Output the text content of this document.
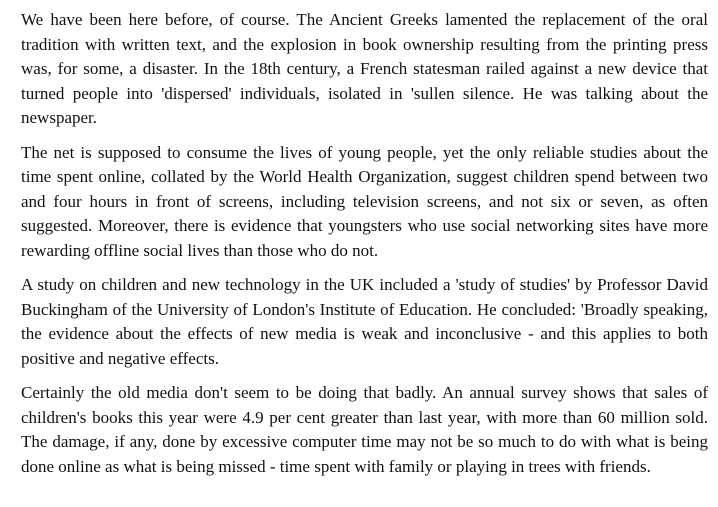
We have been here before, of course. The Ancient Greeks lamented the replacement of the oral tradition with written text, and the explosion in book ownership resulting from the printing press was, for some, a disaster. In the 18th century, a French statesman railed against a new device that turned people into 'dispersed' individuals, isolated in 'sullen silence. He was talking about the newspaper.

The net is supposed to consume the lives of young people, yet the only reliable studies about the time spent online, collated by the World Health Organization, suggest children spend between two and four hours in front of screens, including television screens, and not six or seven, as often suggested. Moreover, there is evidence that youngsters who use social networking sites have more rewarding offline social lives than those who do not.

A study on children and new technology in the UK included a 'study of studies' by Professor David Buckingham of the University of London's Institute of Education. He concluded: 'Broadly speaking, the evidence about the effects of new media is weak and inconclusive - and this applies to both positive and negative effects.

Certainly the old media don't seem to be doing that badly. An annual survey shows that sales of children's books this year were 4.9 per cent greater than last year, with more than 60 million sold. The damage, if any, done by excessive computer time may not be so much to do with what is being done online as what is being missed - time spent with family or playing in trees with friends.
